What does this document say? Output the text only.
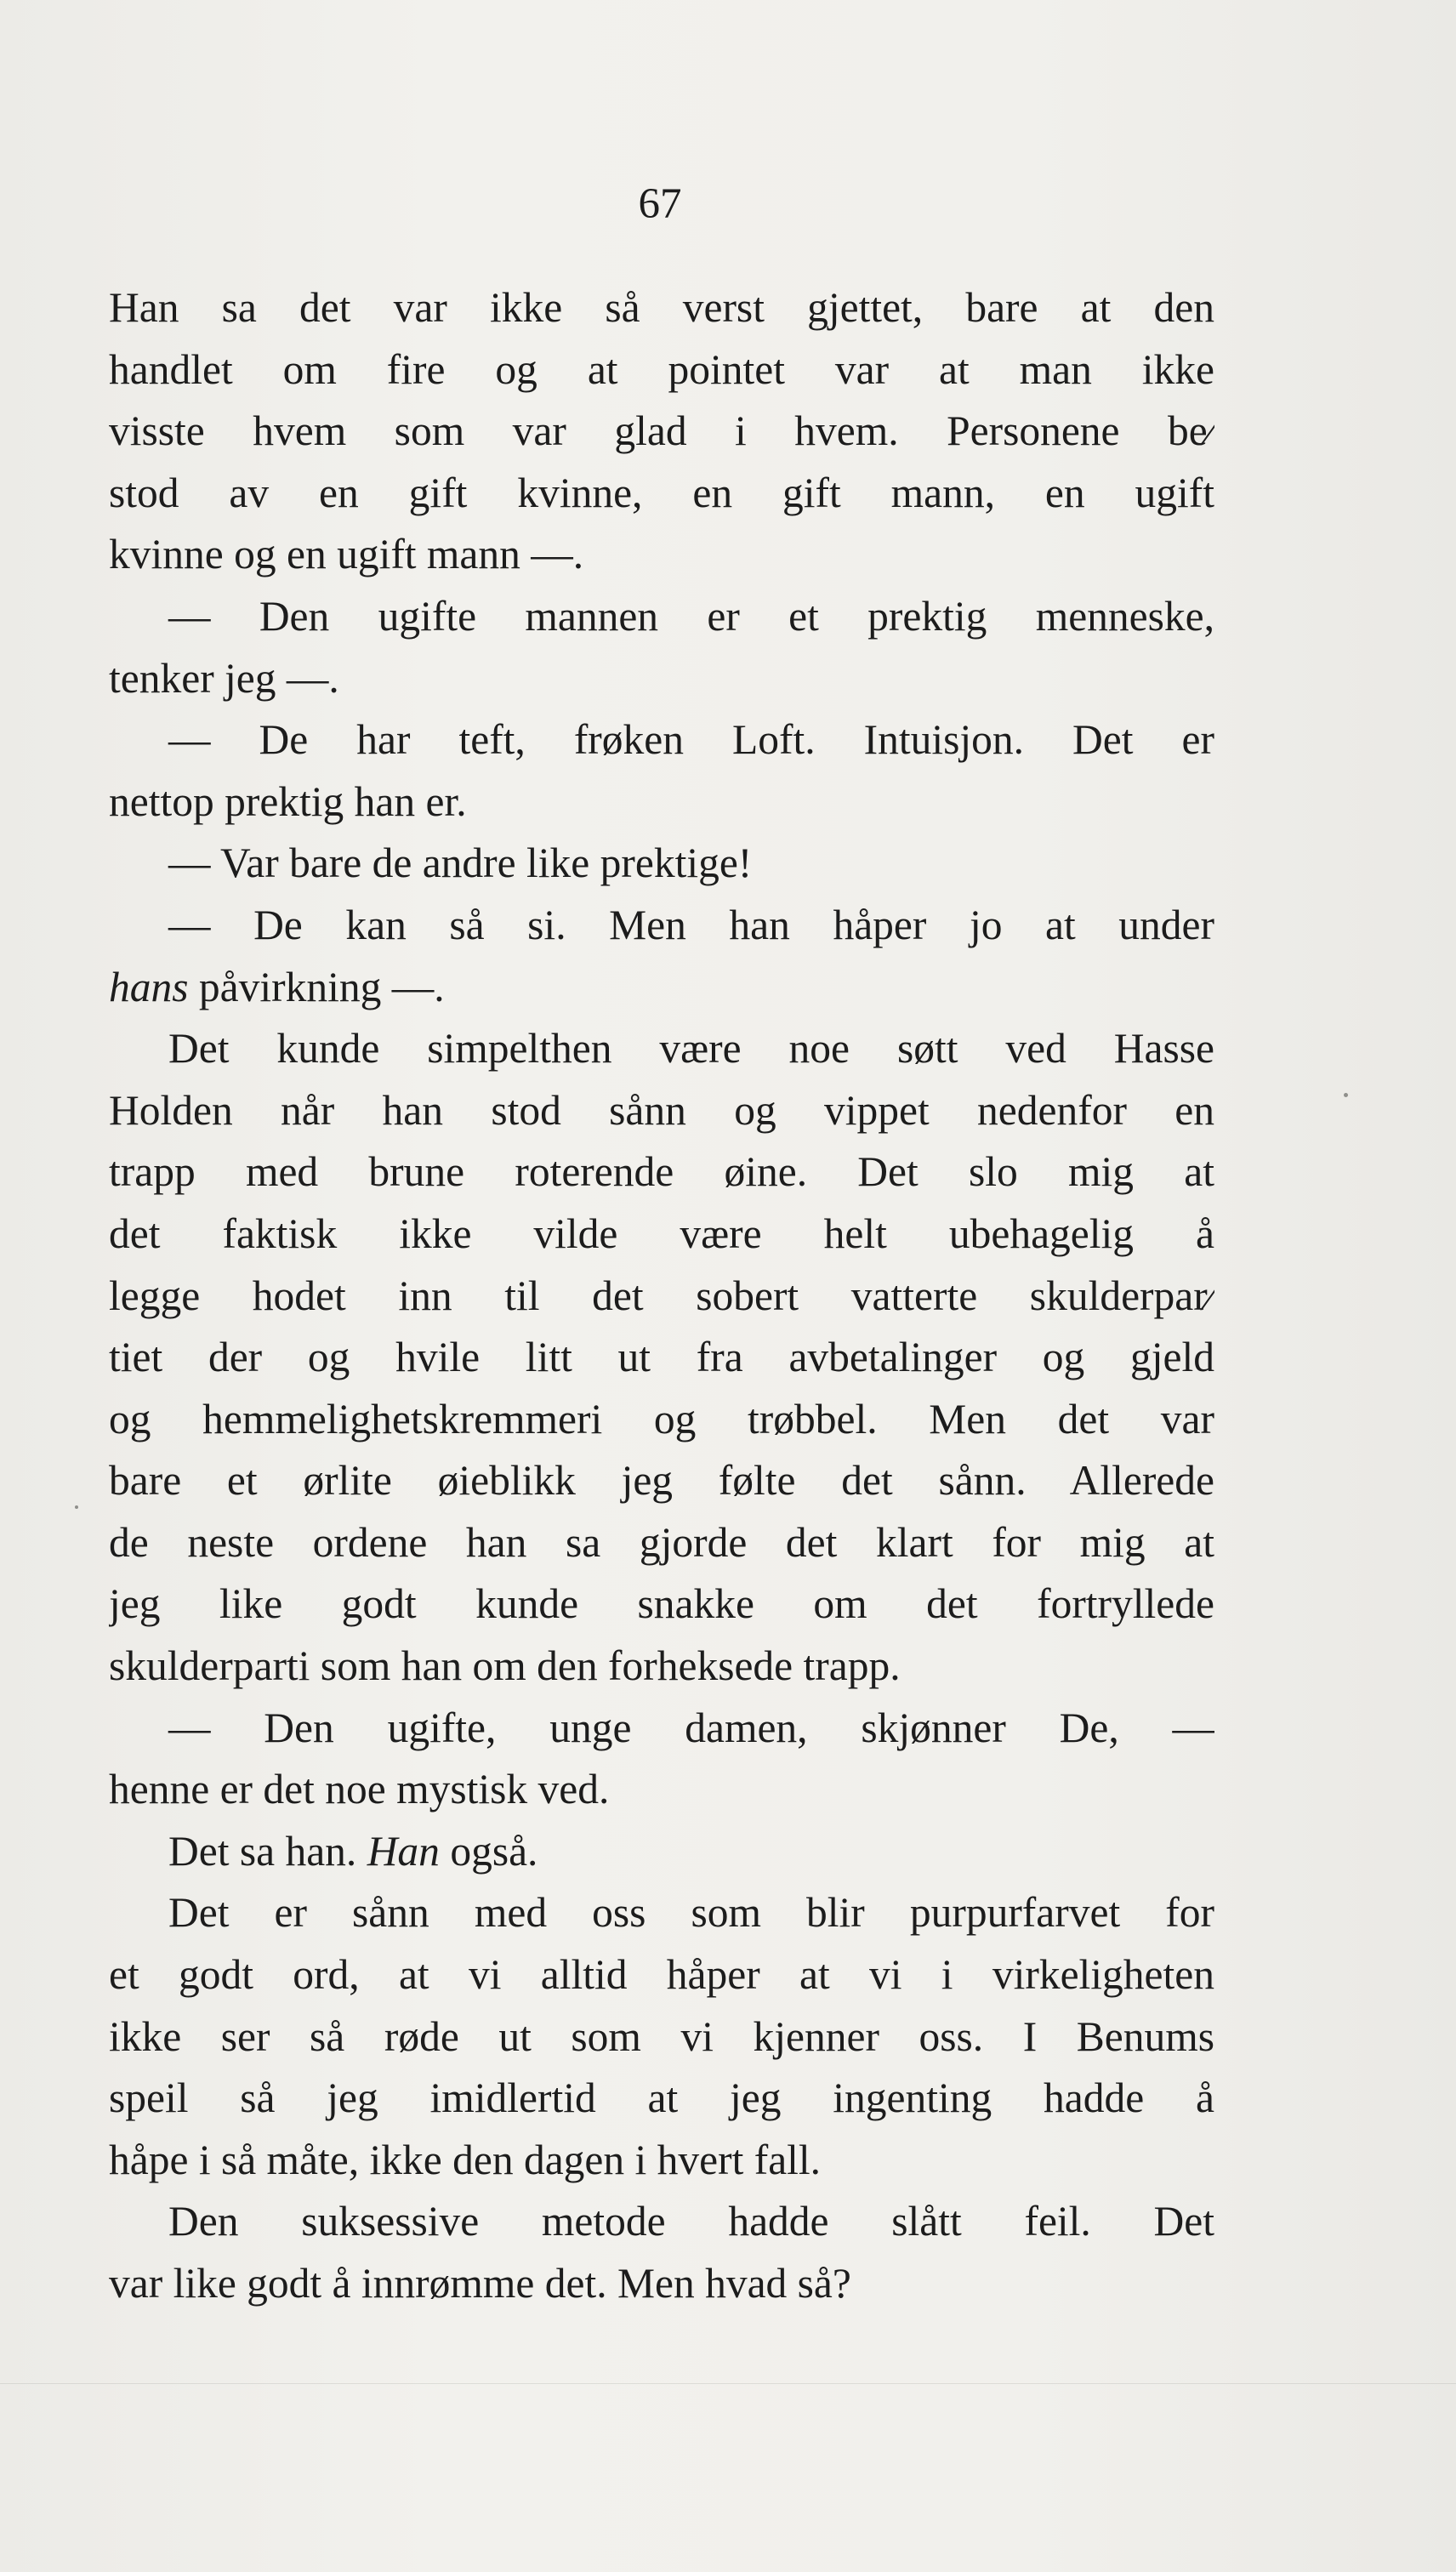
67
Han sa det var ikke så verst gjettet, bare at den
handlet om fire og at pointet var at man ikke
visste hvem som var glad i hvem. Personene be⁄
stod av en gift kvinne, en gift mann, en ugift
kvinne og en ugift mann —.
— Den ugifte mannen er et prektig menneske,
tenker jeg —.
— De har teft, frøken Loft. Intuisjon. Det er
nettop prektig han er.
— Var bare de andre like prektige!
— De kan så si. Men han håper jo at under
hans påvirkning —.
Det kunde simpelthen være noe søtt ved Hasse
Holden når han stod sånn og vippet nedenfor en
trapp med brune roterende øine. Det slo mig at
det faktisk ikke vilde være helt ubehagelig å
legge hodet inn til det sobert vatterte skulderpar⁄
tiet der og hvile litt ut fra avbetalinger og gjeld
og hemmelighetskremmeri og trøbbel. Men det var
bare et ørlite øieblikk jeg følte det sånn. Allerede
de neste ordene han sa gjorde det klart for mig at
jeg like godt kunde snakke om det fortryllede
skulderparti som han om den forheksede trapp.
— Den ugifte, unge damen, skjønner De, —
henne er det noe mystisk ved.
Det sa han. Han også.
Det er sånn med oss som blir purpurfarvet for
et godt ord, at vi alltid håper at vi i virkeligheten
ikke ser så røde ut som vi kjenner oss. I Benums
speil så jeg imidlertid at jeg ingenting hadde å
håpe i så måte, ikke den dagen i hvert fall.
Den suksessive metode hadde slått feil. Det
var like godt å innrømme det. Men hvad så?
